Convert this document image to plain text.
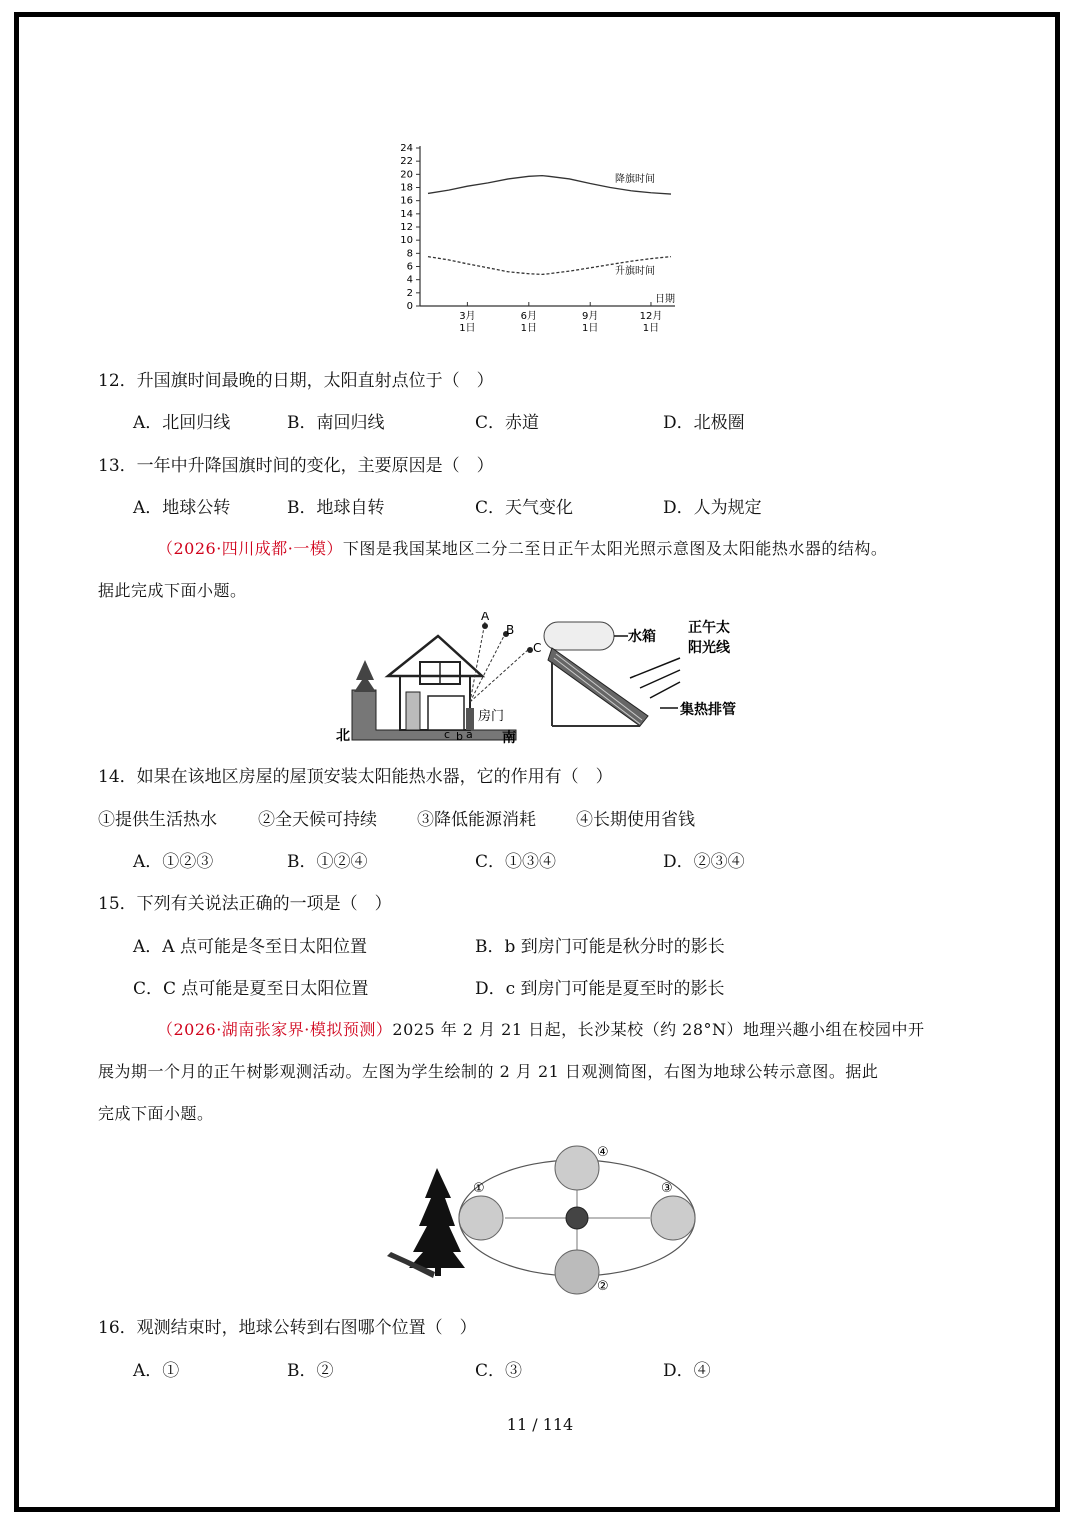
0
2
4
6
8
10
12
14
16
18
20
22
24
3月
1日
6月
1日
9月
1日
12月
1日
日期
降旗时间
升旗时间
12．升国旗时间最晚的日期，太阳直射点位于（　）
A．北回归线	B．南回归线	C．赤道	D．北极圈
13．一年中升降国旗时间的变化，主要原因是（　）
A．地球公转	B．地球自转	C．天气变化	D．人为规定
（2026·四川成都·一模）下图是我国某地区二分二至日正午太阳光照示意图及太阳能热水器的结构。
据此完成下面小题。
A
B
C
c b a
房门
北	南
水箱
正午太
阳光线
集热排管
14．如果在该地区房屋的屋顶安装太阳能热水器，它的作用有（　）
①提供生活热水 ②全天候可持续 ③降低能源消耗 ④长期使用省钱
A．①②③	B．①②④	C．①③④	D．②③④
15．下列有关说法正确的一项是（　）
A．A 点可能是冬至日太阳位置	B．b 到房门可能是秋分时的影长
C．C 点可能是夏至日太阳位置	D．c 到房门可能是夏至时的影长
（2026·湖南张家界·模拟预测）2025 年 2 月 21 日起，长沙某校（约 28°N）地理兴趣小组在校园中开
展为期一个月的正午树影观测活动。左图为学生绘制的 2 月 21 日观测简图，右图为地球公转示意图。据此
完成下面小题。
①
②
③
④
16．观测结束时，地球公转到右图哪个位置（　）
A．①	B．②	C．③	D．④
11 / 114
